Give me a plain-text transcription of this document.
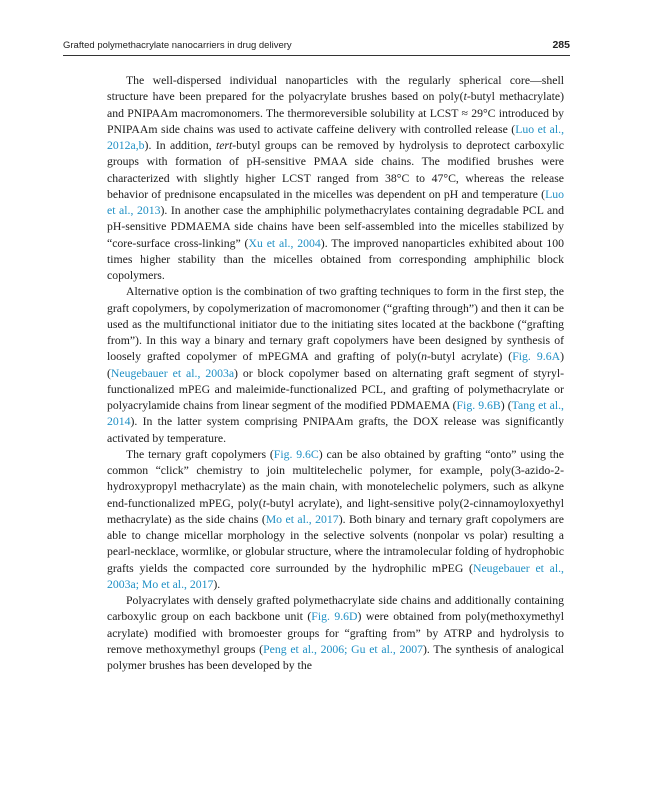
Grafted polymethacrylate nanocarriers in drug delivery	285

The well-dispersed individual nanoparticles with the regularly spherical core—shell structure have been prepared for the polyacrylate brushes based on poly(t-butyl methacrylate) and PNIPAAm macromonomers. The thermoreversible solubility at LCST ≈ 29°C introduced by PNIPAAm side chains was used to activate caffeine delivery with controlled release (Luo et al., 2012a,b). In addition, tert-butyl groups can be removed by hydrolysis to deprotect carboxylic groups with formation of pH-sensitive PMAA side chains. The modified brushes were characterized with slightly higher LCST ranged from 38°C to 47°C, whereas the release behavior of prednisone encapsulated in the micelles was dependent on pH and temperature (Luo et al., 2013). In another case the amphiphilic polymethacrylates containing degradable PCL and pH-sensitive PDMAEMA side chains have been self-assembled into the micelles stabilized by “core-surface cross-linking” (Xu et al., 2004). The improved nanoparticles exhibited about 100 times higher stability than the micelles obtained from corresponding amphiphilic block copolymers.

Alternative option is the combination of two grafting techniques to form in the first step, the graft copolymers, by copolymerization of macromonomer (“grafting through”) and then it can be used as the multifunctional initiator due to the initiating sites located at the backbone (“grafting from”). In this way a binary and ternary graft copolymers have been designed by synthesis of loosely grafted copolymer of mPEGMA and grafting of poly(n-butyl acrylate) (Fig. 9.6A) (Neugebauer et al., 2003a) or block copolymer based on alternating graft segment of styryl-functionalized mPEG and maleimide-functionalized PCL, and grafting of polymethacrylate or polyacrylamide chains from linear segment of the modified PDMAEMA (Fig. 9.6B) (Tang et al., 2014). In the latter system comprising PNIPAAm grafts, the DOX release was significantly activated by temperature.

The ternary graft copolymers (Fig. 9.6C) can be also obtained by grafting “onto” using the common “click” chemistry to join multitelechelic polymer, for example, poly(3-azido-2-hydroxypropyl methacrylate) as the main chain, with monotelechelic polymers, such as alkyne end-functionalized mPEG, poly(t-butyl acrylate), and light-sensitive poly(2-cinnamoyloxyethyl methacrylate) as the side chains (Mo et al., 2017). Both binary and ternary graft copolymers are able to change micellar morphology in the selective solvents (nonpolar vs polar) resulting a pearl-necklace, wormlike, or globular structure, where the intramolecular folding of hydrophobic grafts yields the compacted core surrounded by the hydrophilic mPEG (Neugebauer et al., 2003a; Mo et al., 2017).

Polyacrylates with densely grafted polymethacrylate side chains and additionally containing carboxylic group on each backbone unit (Fig. 9.6D) were obtained from poly(methoxymethyl acrylate) modified with bromoester groups for “grafting from” by ATRP and hydrolysis to remove methoxymethyl groups (Peng et al., 2006; Gu et al., 2007). The synthesis of analogical polymer brushes has been developed by the
